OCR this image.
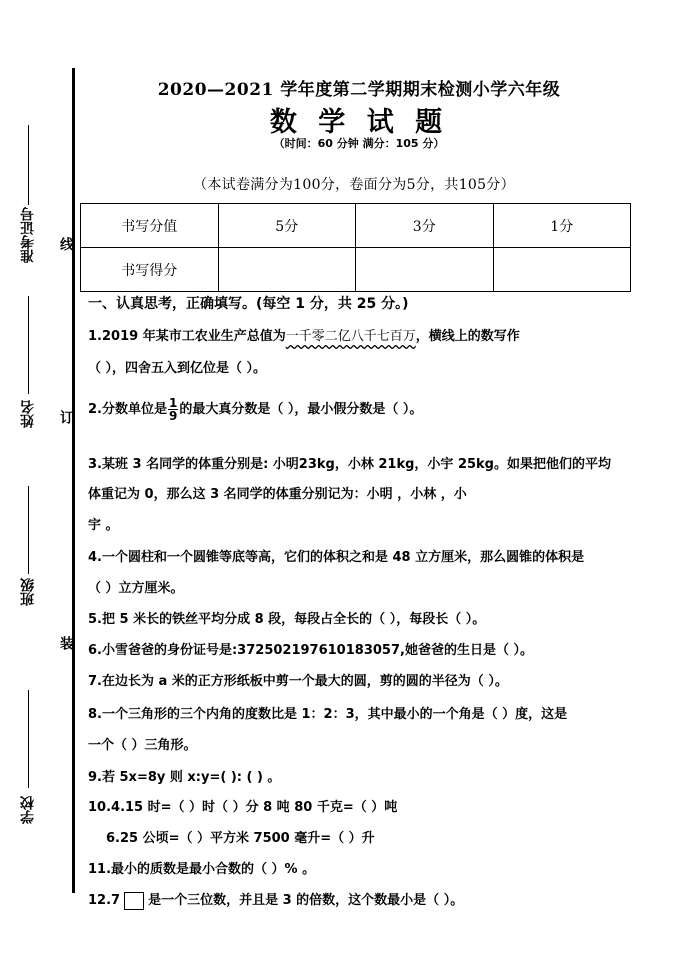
准考证号
姓名
班级
学校
线
订
装
2020—2021 学年度第二学期期末检测小学六年级
数 学 试 题
（时间：60 分钟 满分：105 分）
（本试卷满分为100分，卷面分为5分，共105分）
书写分值	5分	3分	1分
书写得分			
一、认真思考，正确填写。(每空 1 分，共 25 分。)
1.2019 年某市工农业生产总值为一千零二亿八千七百万，横线上的数写作
（ ），四舍五入到亿位是（ ）。
2.分数单位是 $\frac{1}{9}$ 的最大真分数是（ ），最小假分数是（ ）。
3.某班 3 名同学的体重分别是: 小明23kg，小林 21kg，小宇 25kg。如果把他们的平均
体重记为 0，那么这 3 名同学的体重分别记为：小明 ，小林 ，小
宇 。
4.一个圆柱和一个圆锥等底等高，它们的体积之和是 48 立方厘米，那么圆锥的体积是
（ ）立方厘米。
5.把 5 米长的铁丝平均分成 8 段，每段占全长的（ ），每段长（ ）。
6.小雪爸爸的身份证号是:372502197610183057,她爸爸的生日是（ ）。
7.在边长为 a 米的正方形纸板中剪一个最大的圆，剪的圆的半径为（ ）。
8.一个三角形的三个内角的度数比是 1：2：3，其中最小的一个角是（ ）度，这是
一个（ ）三角形。
9.若 5x=8y 则 x:y=( ): ( ) 。
10.4.15 时=（ ）时（ ）分 8 吨 80 千克=（ ）吨
6.25 公顷=（ ）平方米 7500 毫升=（ ）升
11.最小的质数是最小合数的（ ）% 。
12.7 是一个三位数，并且是 3 的倍数，这个数最小是（ ）。
